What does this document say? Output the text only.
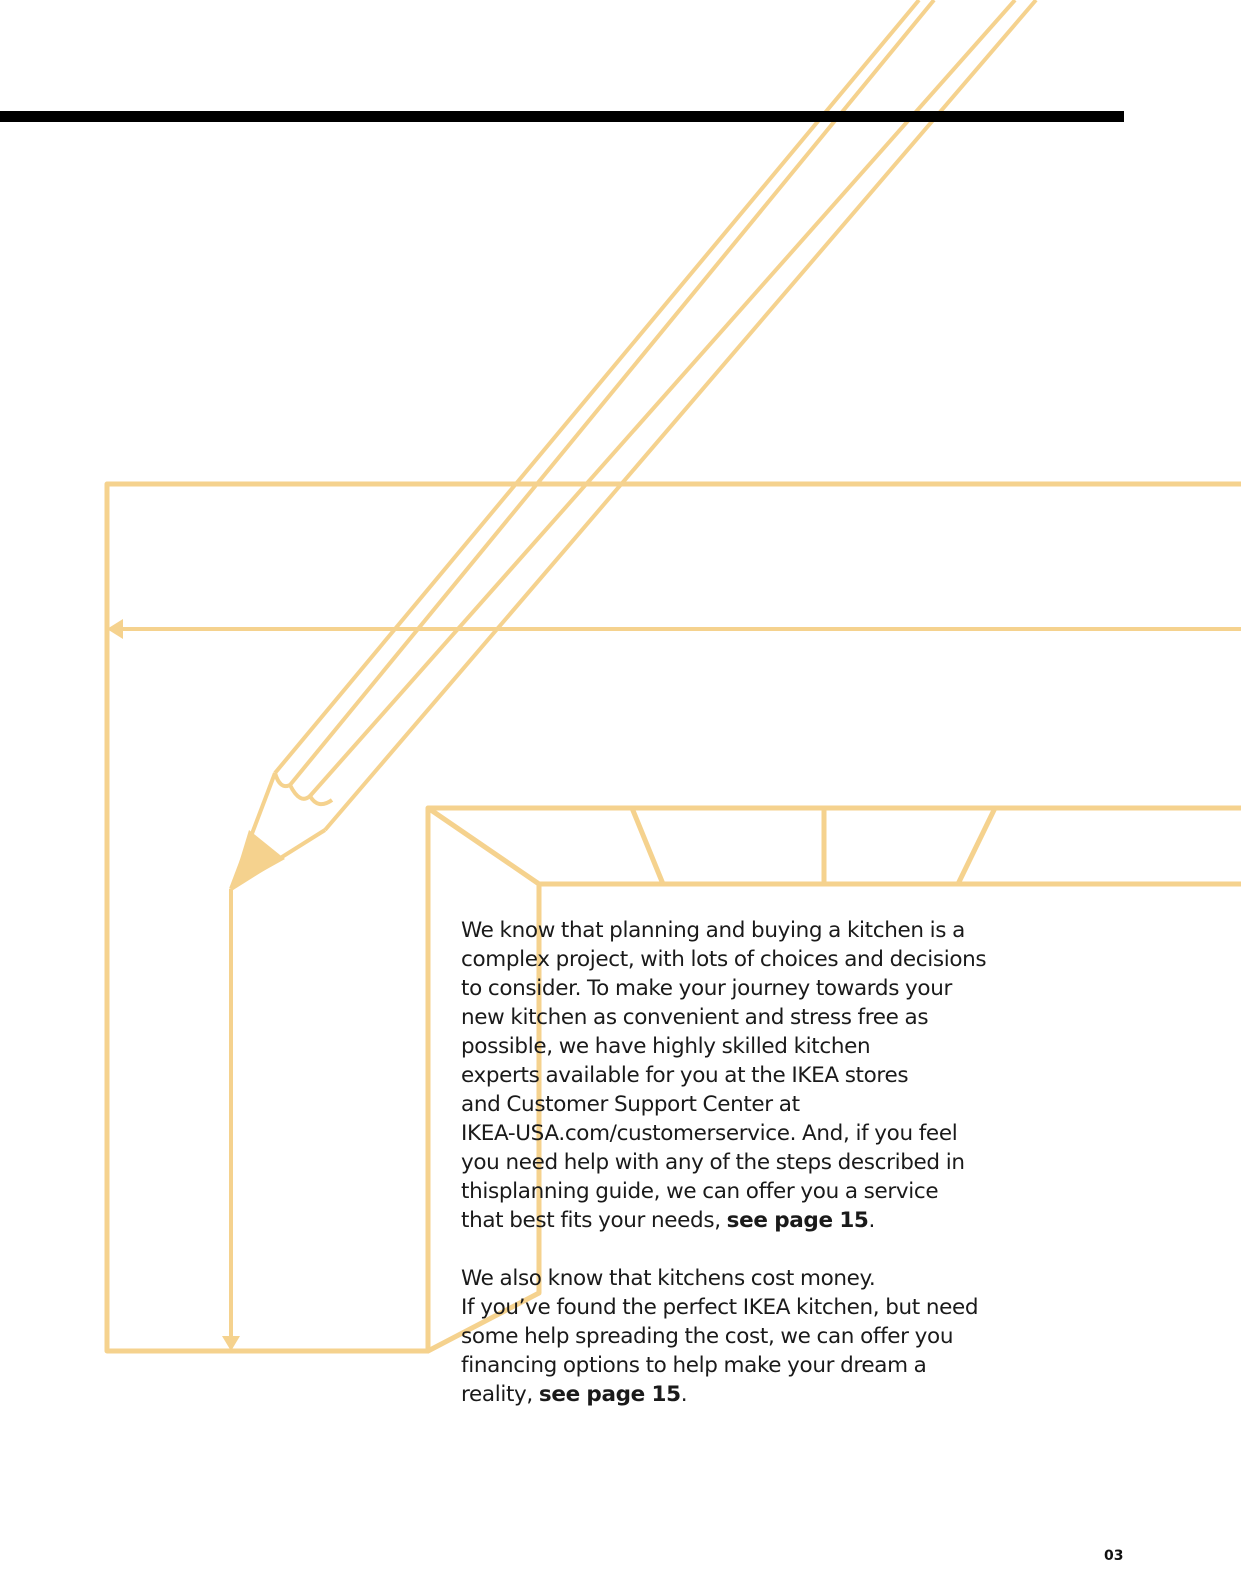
We know that planning and buying a kitchen is a
complex project, with lots of choices and decisions
to consider. To make your journey towards your
new kitchen as convenient and stress free as
possible, we have highly skilled kitchen
experts available for you at the IKEA stores
and Customer Support Center at
IKEA-USA.com/customerservice. And, if you feel
you need help with any of the steps described in
thisplanning guide, we can offer you a service
that best fits your needs, see page 15.
We also know that kitchens cost money.
If you’ve found the perfect IKEA kitchen, but need
some help spreading the cost, we can offer you
financing options to help make your dream a
reality, see page 15.
03
